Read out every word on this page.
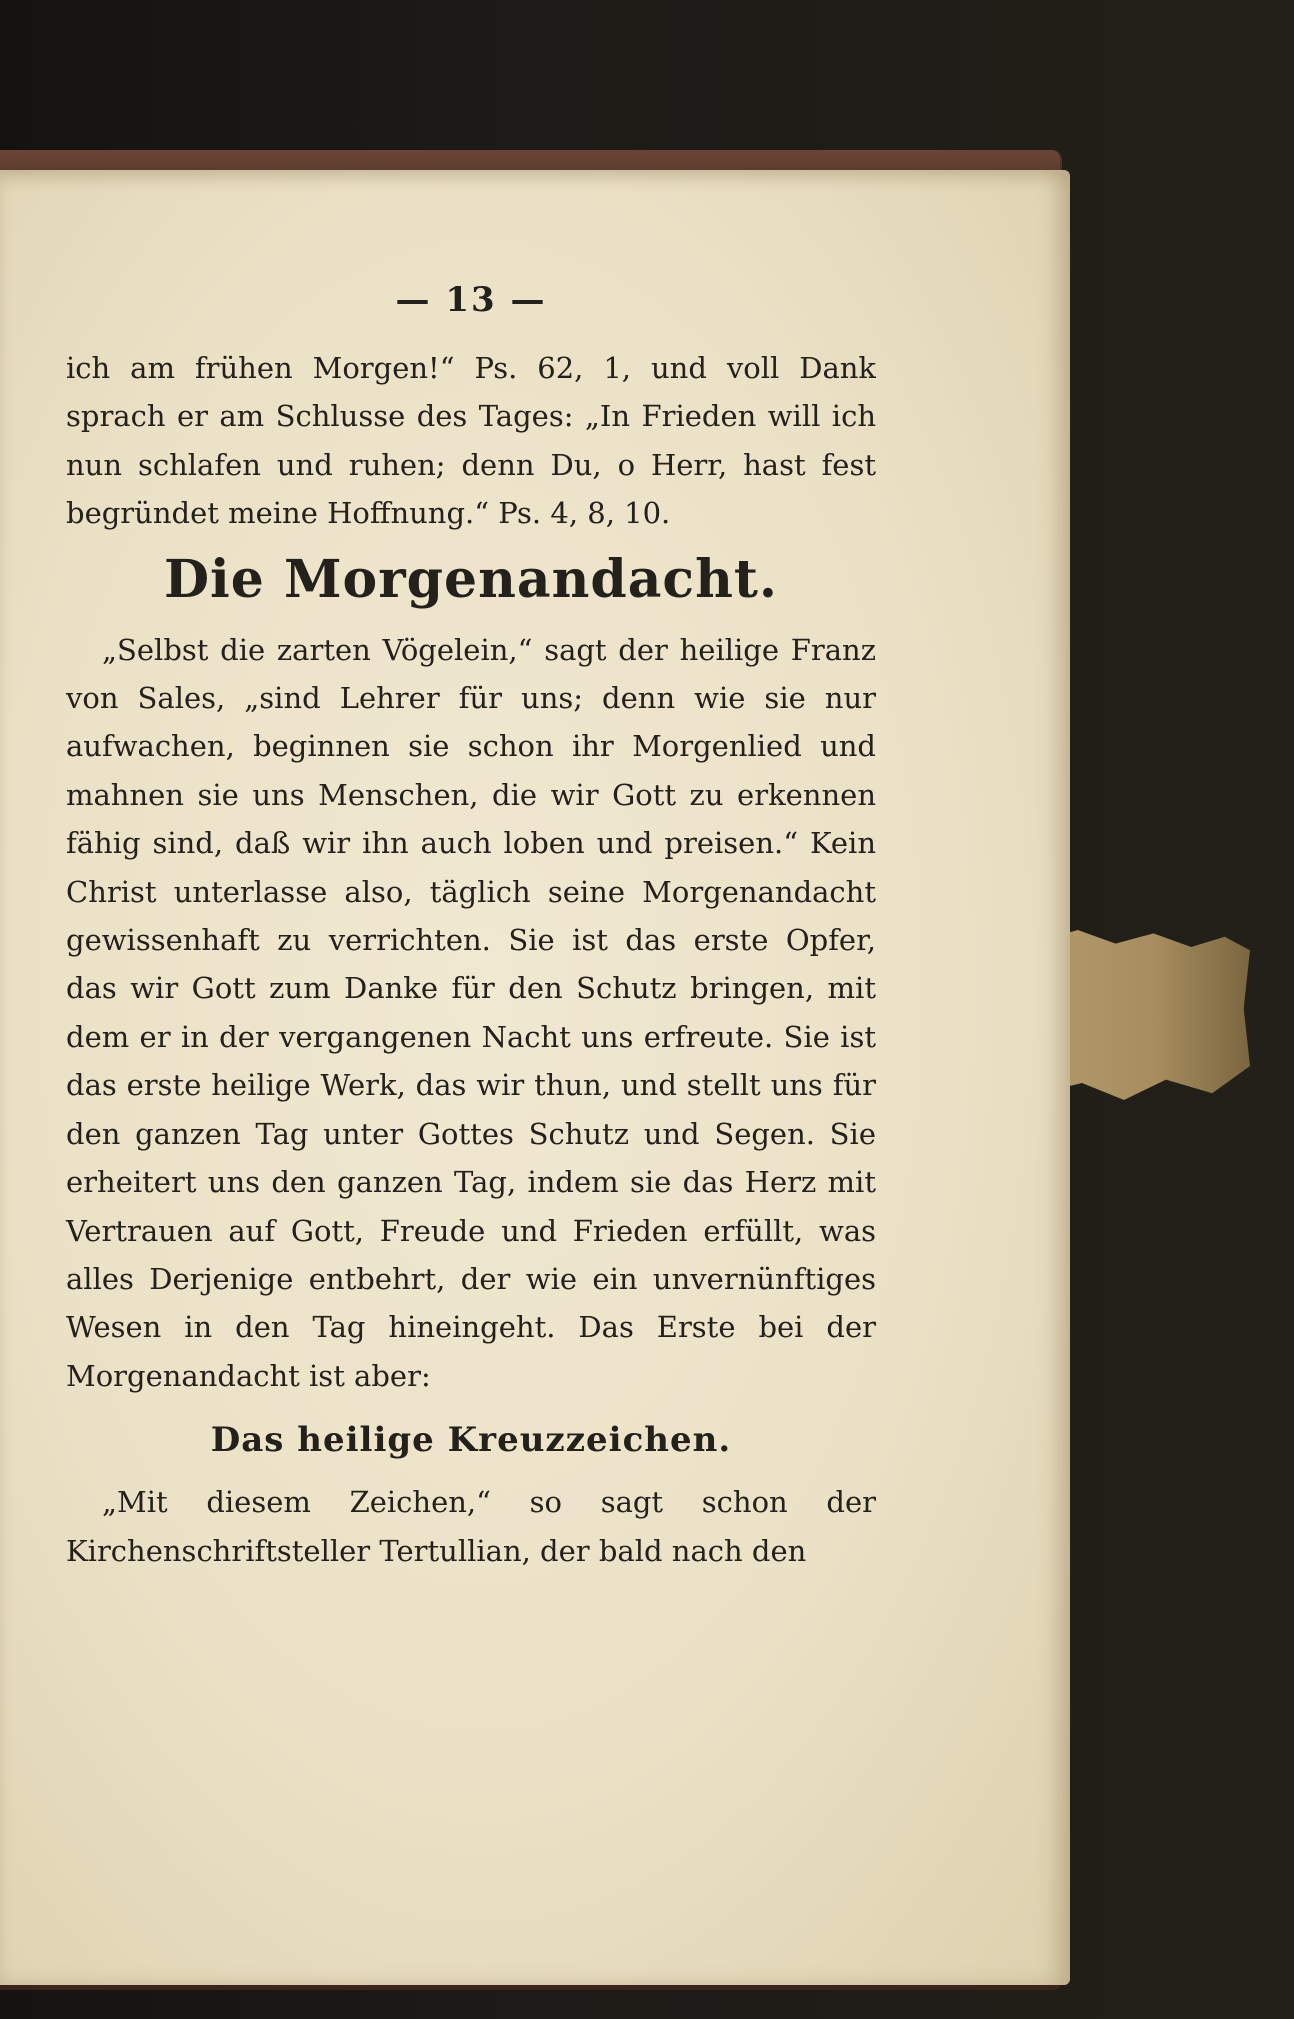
— 13 —

ich am frühen Morgen!“ Ps. 62, 1, und voll Dank sprach er am Schlusse des Tages: „In Frieden will ich nun schlafen und ruhen; denn Du, o Herr, hast fest begründet meine Hoffnung.“ Ps. 4, 8, 10.

Die Morgenandacht.

„Selbst die zarten Vögelein,“ sagt der heilige Franz von Sales, „sind Lehrer für uns; denn wie sie nur aufwachen, beginnen sie schon ihr Morgenlied und mahnen sie uns Menschen, die wir Gott zu erkennen fähig sind, daß wir ihn auch loben und preisen.“ Kein Christ unterlasse also, täglich seine Morgenandacht gewissenhaft zu verrichten. Sie ist das erste Opfer, das wir Gott zum Danke für den Schutz bringen, mit dem er in der vergangenen Nacht uns erfreute. Sie ist das erste heilige Werk, das wir thun, und stellt uns für den ganzen Tag unter Gottes Schutz und Segen. Sie erheitert uns den ganzen Tag, indem sie das Herz mit Vertrauen auf Gott, Freude und Frieden erfüllt, was alles Derjenige entbehrt, der wie ein unvernünftiges Wesen in den Tag hineingeht. Das Erste bei der Morgenandacht ist aber:

Das heilige Kreuzzeichen.

„Mit diesem Zeichen,“ so sagt schon der Kirchenschriftsteller Tertullian, der bald nach den
